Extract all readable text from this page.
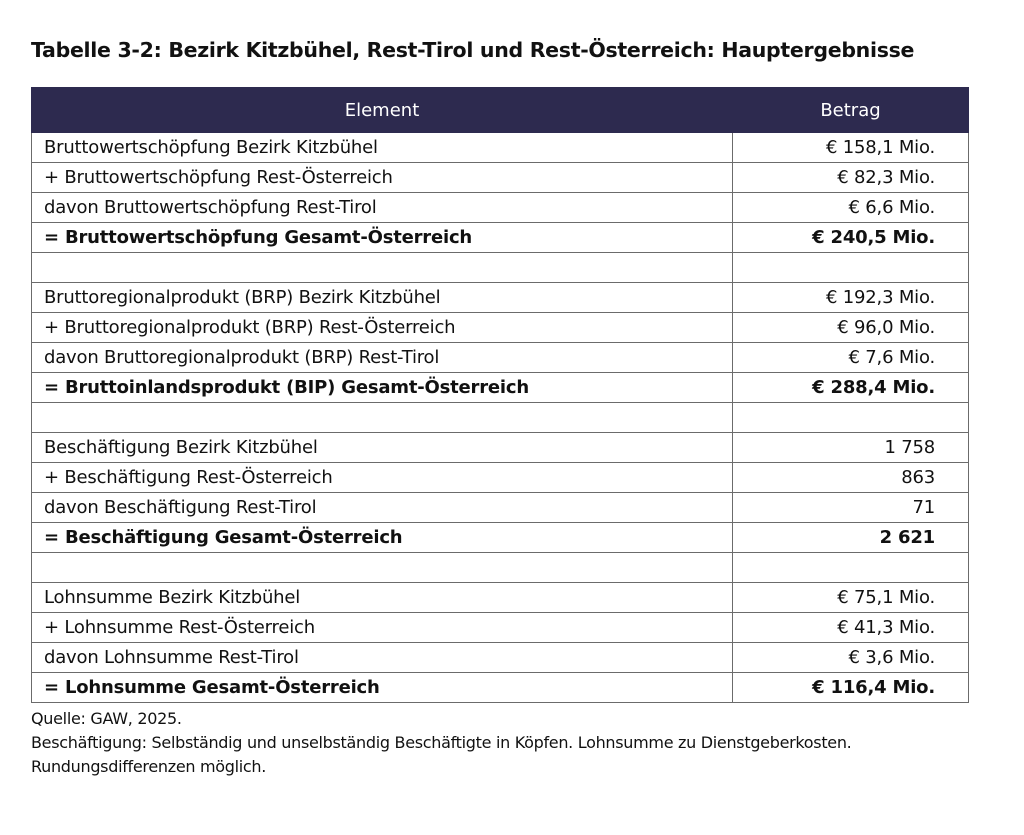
Tabelle 3-2: Bezirk Kitzbühel, Rest-Tirol und Rest-Österreich: Hauptergebnisse
Element	Betrag
Bruttowertschöpfung Bezirk Kitzbühel	€ 158,1 Mio.
+ Bruttowertschöpfung Rest-Österreich	€ 82,3 Mio.
davon Bruttowertschöpfung Rest-Tirol	€ 6,6 Mio.
= Bruttowertschöpfung Gesamt-Österreich	€ 240,5 Mio.

Bruttoregionalprodukt (BRP) Bezirk Kitzbühel	€ 192,3 Mio.
+ Bruttoregionalprodukt (BRP) Rest-Österreich	€ 96,0 Mio.
davon Bruttoregionalprodukt (BRP) Rest-Tirol	€ 7,6 Mio.
= Bruttoinlandsprodukt (BIP) Gesamt-Österreich	€ 288,4 Mio.

Beschäftigung Bezirk Kitzbühel	1 758
+ Beschäftigung Rest-Österreich	863
davon Beschäftigung Rest-Tirol	71
= Beschäftigung Gesamt-Österreich	2 621

Lohnsumme Bezirk Kitzbühel	€ 75,1 Mio.
+ Lohnsumme Rest-Österreich	€ 41,3 Mio.
davon Lohnsumme Rest-Tirol	€ 3,6 Mio.
= Lohnsumme Gesamt-Österreich	€ 116,4 Mio.
Quelle: GAW, 2025.
Beschäftigung: Selbständig und unselbständig Beschäftigte in Köpfen. Lohnsumme zu Dienstgeberkosten.
Rundungsdifferenzen möglich.
